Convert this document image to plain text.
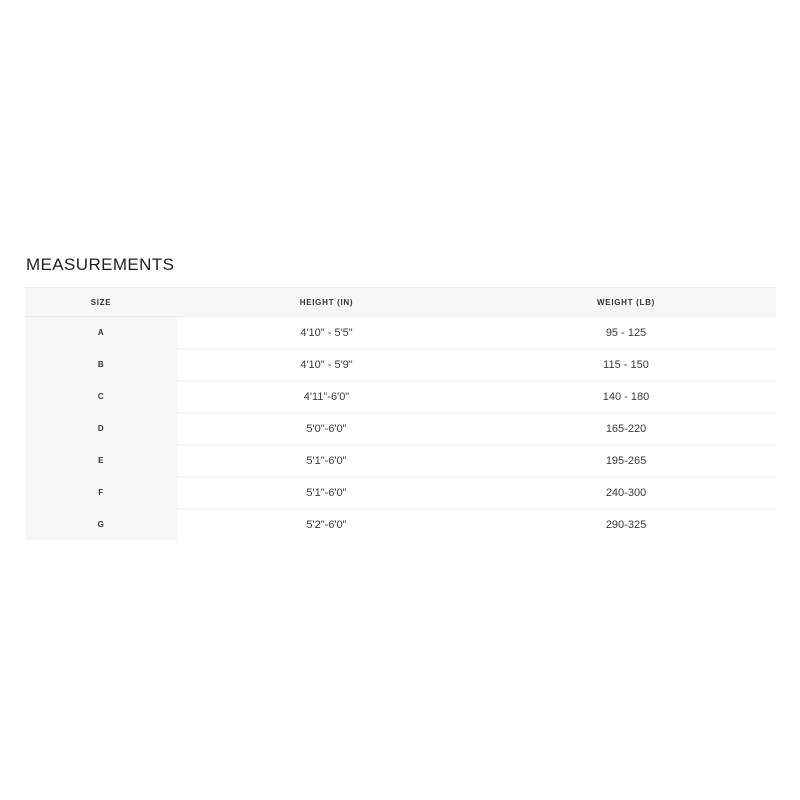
MEASUREMENTS
SIZE	HEIGHT (IN)	WEIGHT (LB)
A	4'10" - 5'5"	95 - 125
B	4'10" - 5'9"	115 - 150
C	4'11"-6'0"	140 - 180
D	5'0"-6'0"	165-220
E	5'1"-6'0"	195-265
F	5'1"-6'0"	240-300
G	5'2"-6'0"	290-325
